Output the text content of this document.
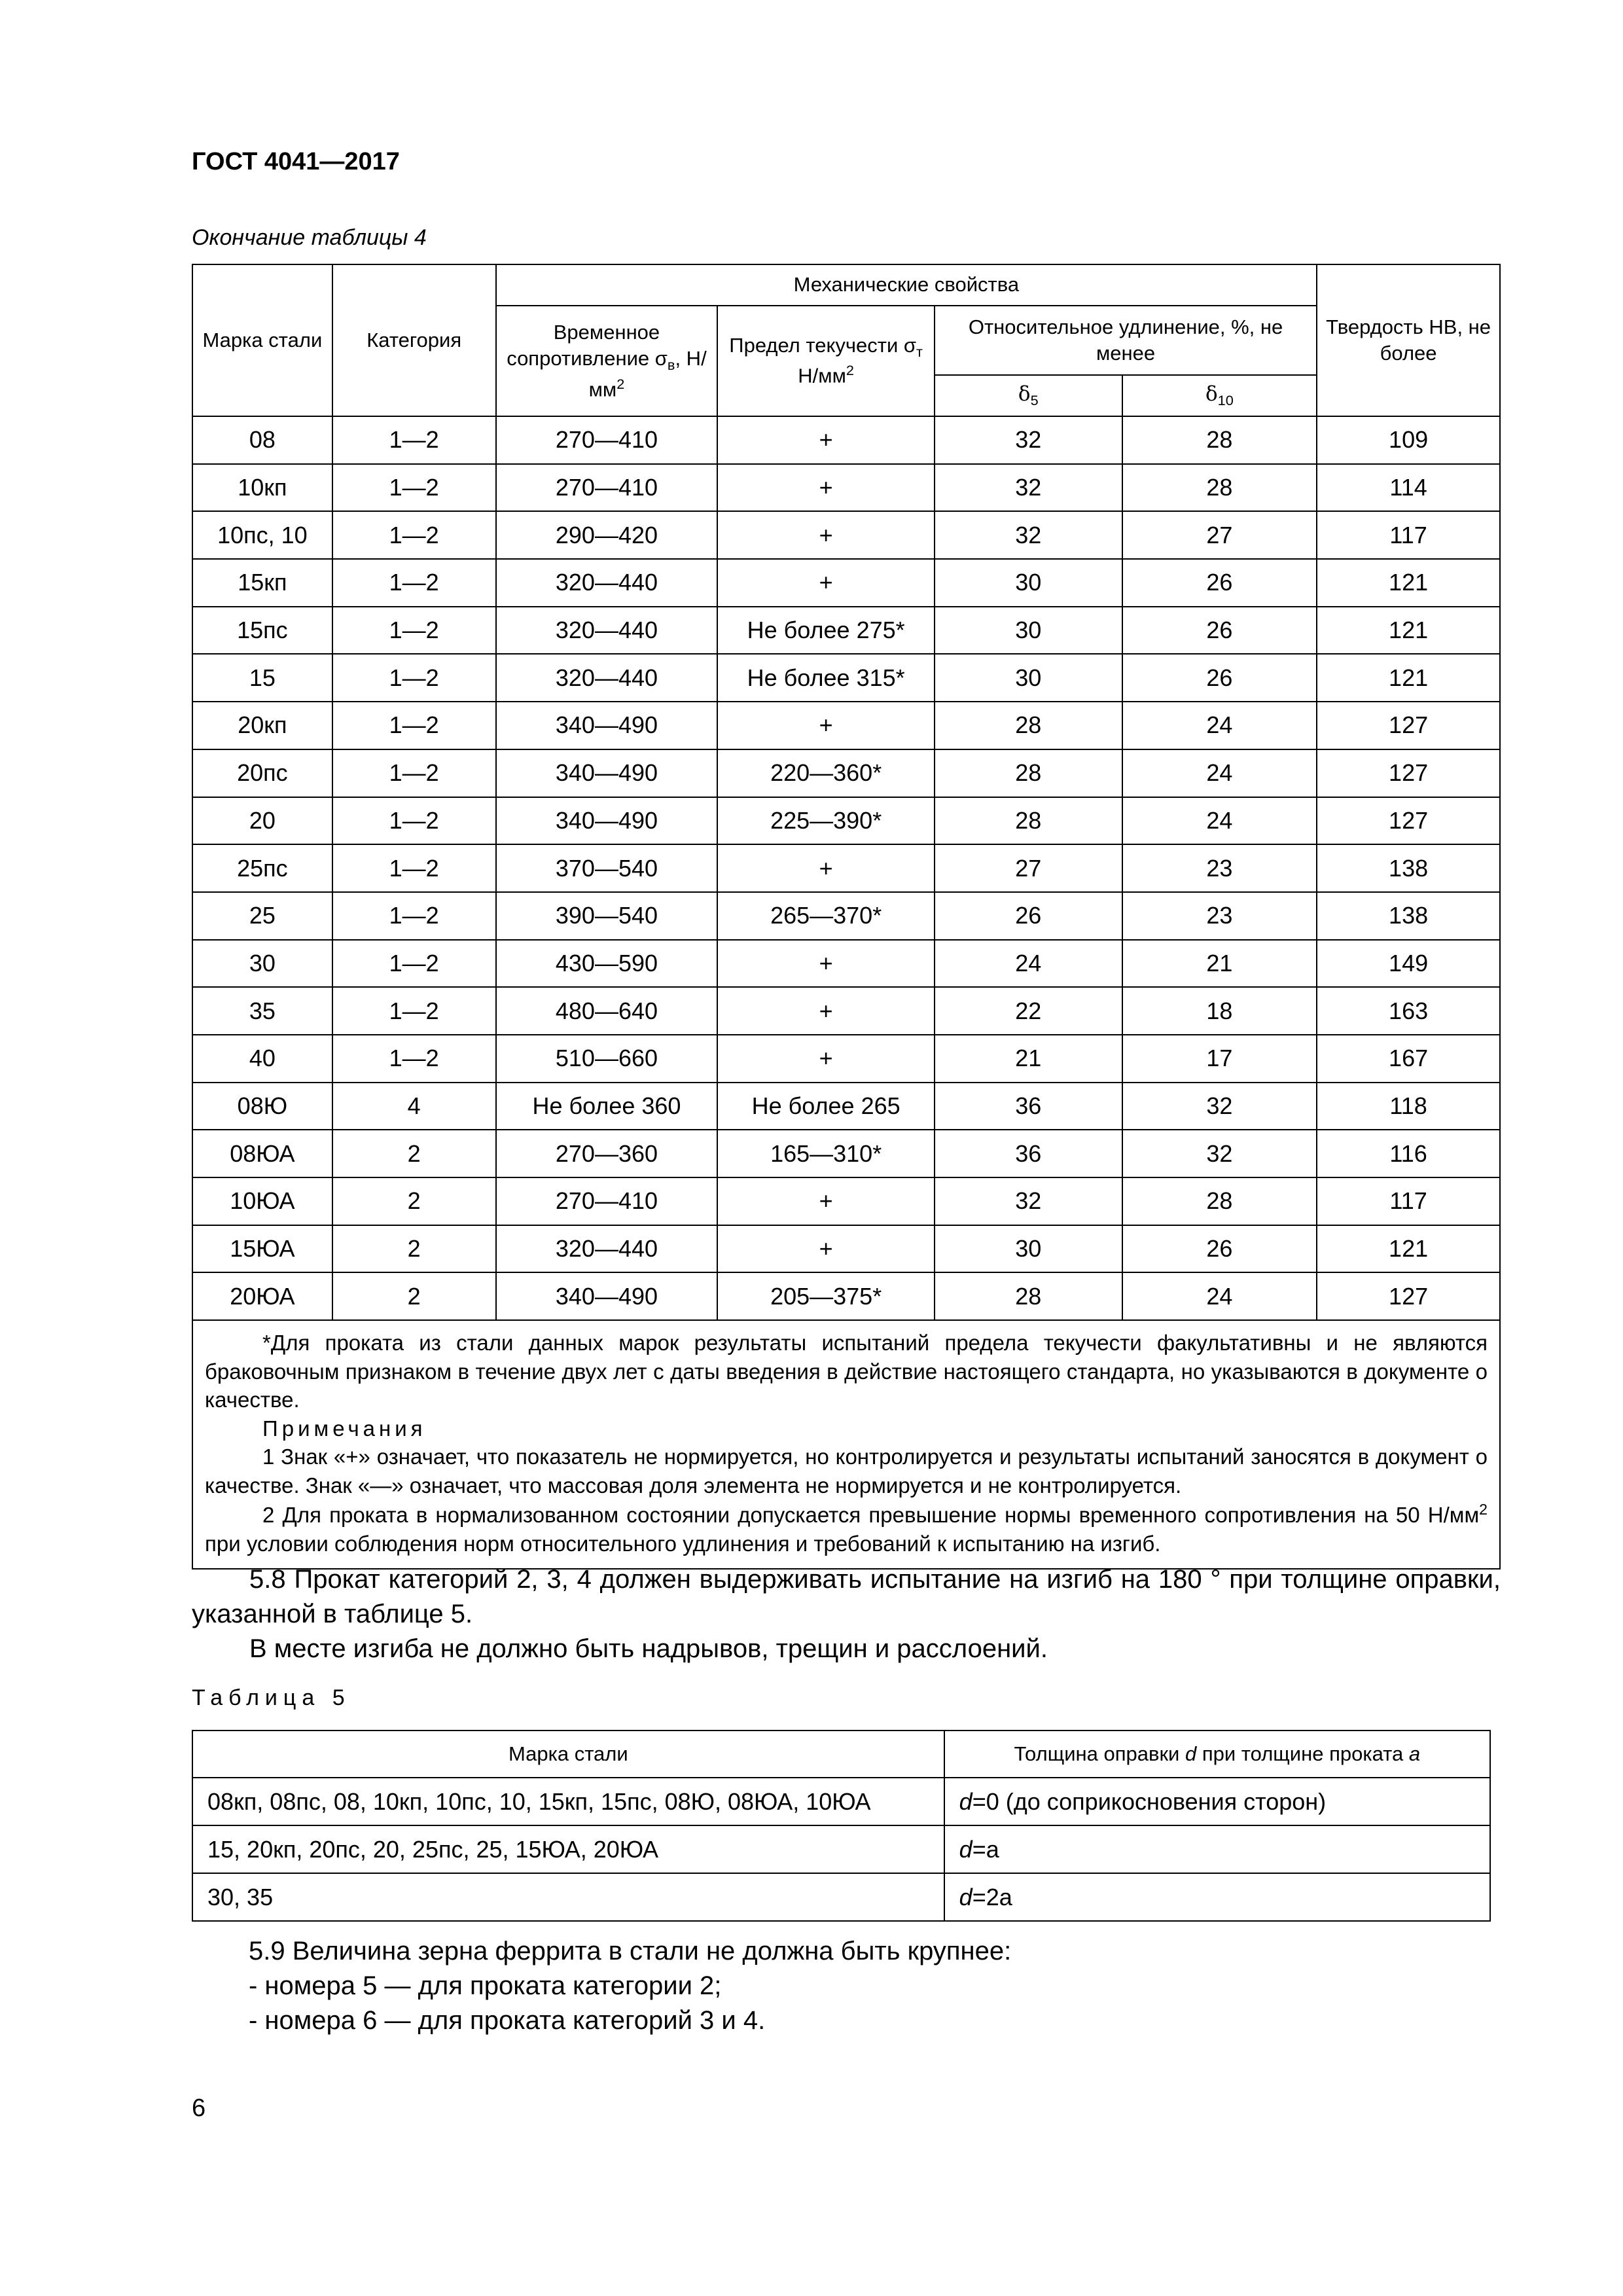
ГОСТ 4041—2017
Окончание таблицы 4
Марка стали	Категория	Механические свойства				Твердость НВ, не более
		Временное сопротивление $\sigma_в$, $Н/мм^2$	Предел текучести $\sigma_т$ $Н/мм^2$	Относительное удлинение, %, не менее		
				$\delta_5$	$\delta_{10}$
08	1—2	270—410	+	32	28	109
10кп	1—2	270—410	+	32	28	114
10пс, 10	1—2	290—420	+	32	27	117
15кп	1—2	320—440	+	30	26	121
15пс	1—2	320—440	Не более 275*	30	26	121
15	1—2	320—440	Не более 315*	30	26	121
20кп	1—2	340—490	+	28	24	127
20пс	1—2	340—490	220—360*	28	24	127
20	1—2	340—490	225—390*	28	24	127
25пс	1—2	370—540	+	27	23	138
25	1—2	390—540	265—370*	26	23	138
30	1—2	430—590	+	24	21	149
35	1—2	480—640	+	22	18	163
40	1—2	510—660	+	21	17	167
08Ю	4	Не более 360	Не более 265	36	32	118
08ЮА	2	270—360	165—310*	36	32	116
10ЮА	2	270—410	+	32	28	117
15ЮА	2	320—440	+	30	26	121
20ЮА	2	340—490	205—375*	28	24	127

*Для проката из стали данных марок результаты испытаний предела текучести факультативны и не являются браковочным признаком в течение двух лет с даты введения в действие настоящего стандарта, но указываются в документе о качестве.
Примечания
1 Знак «+» означает, что показатель не нормируется, но контролируется и результаты испытаний заносятся в документ о качестве. Знак «—» означает, что массовая доля элемента не нормируется и не контролируется.
2 Для проката в нормализованном состоянии допускается превышение нормы временного сопротивления на 50 $Н/мм^2$ при условии соблюдения норм относительного удлинения и требований к испытанию на изгиб.						
5.8 Прокат категорий 2, 3, 4 должен выдерживать испытание на изгиб на 180 ° при толщине оправки, указанной в таблице 5.
В месте изгиба не должно быть надрывов, трещин и расслоений.
Таблица 5
Марка стали	Толщина оправки d при толщине проката a
08кп, 08пс, 08, 10кп, 10пс, 10, 15кп, 15пс, 08Ю, 08ЮА, 10ЮА	d=0 (до соприкосновения сторон)
15, 20кп, 20пс, 20, 25пс, 25, 15ЮА, 20ЮА	d=a
30, 35	d=2a
5.9 Величина зерна феррита в стали не должна быть крупнее:
- номера 5 — для проката категории 2;
- номера 6 — для проката категорий 3 и 4.
6
